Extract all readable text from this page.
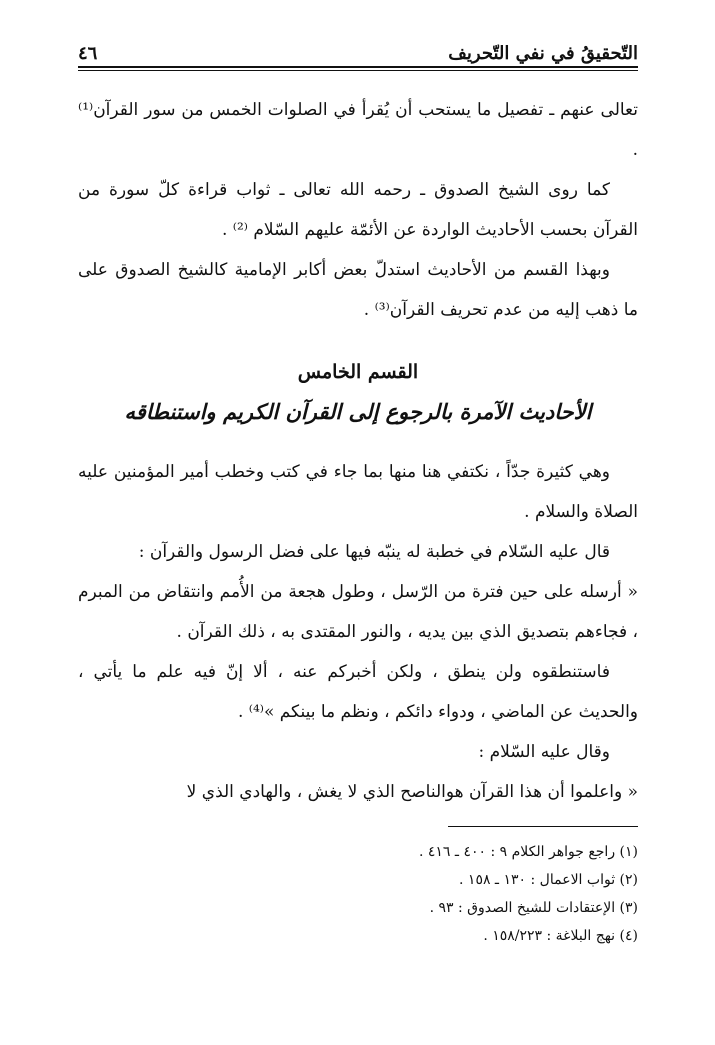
التّحقيقُ في نفي التّحريف
٤٦

تعالى عنهم ـ تفصيل ما يستحب أن يُقرأ في الصلوات الخمس من سور القرآن⁽¹⁾ .

كما روى الشيخ الصدوق ـ رحمه الله تعالى ـ ثواب قراءة كلّ سورة من القرآن بحسب الأحاديث الواردة عن الأئمّة عليهم السّلام ⁽²⁾ .

وبهذا القسم من الأحاديث استدلّ بعض أكابر الإمامية كالشيخ الصدوق على ما ذهب إليه من عدم تحريف القرآن⁽³⁾ .

القسم الخامس

الأحاديث الآمرة بالرجوع إلى القرآن الكريم واستنطاقه

وهي كثيرة جدّاً ، نكتفي هنا منها بما جاء في كتب وخطب أمير المؤمنين عليه الصلاة والسلام .

قال عليه السّلام في خطبة له ينبّه فيها على فضل الرسول والقرآن :

« أرسله على حين فترة من الرّسل ، وطول هجعة من الأُمم وانتقاض من المبرم ، فجاءهم بتصديق الذي بين يديه ، والنور المقتدى به ، ذلك القرآن .

فاستنطقوه ولن ينطق ، ولكن أخبركم عنه ، ألا إنّ فيه علم ما يأتي ، والحديث عن الماضي ، ودواء دائكم ، ونظم ما بينكم »⁽⁴⁾ .

وقال عليه السّلام :

« واعلموا أن هذا القرآن هوالناصح الذي لا يغش ، والهادي الذي لا

(١) راجع جواهر الكلام ٩ : ٤٠٠ ـ ٤١٦ .

(٢) ثواب الاعمال : ١٣٠ ـ ١٥٨ .

(٣) الإعتقادات للشيخ الصدوق : ٩٣ .

(٤) نهج البلاغة : ١٥٨/٢٢٣ .
